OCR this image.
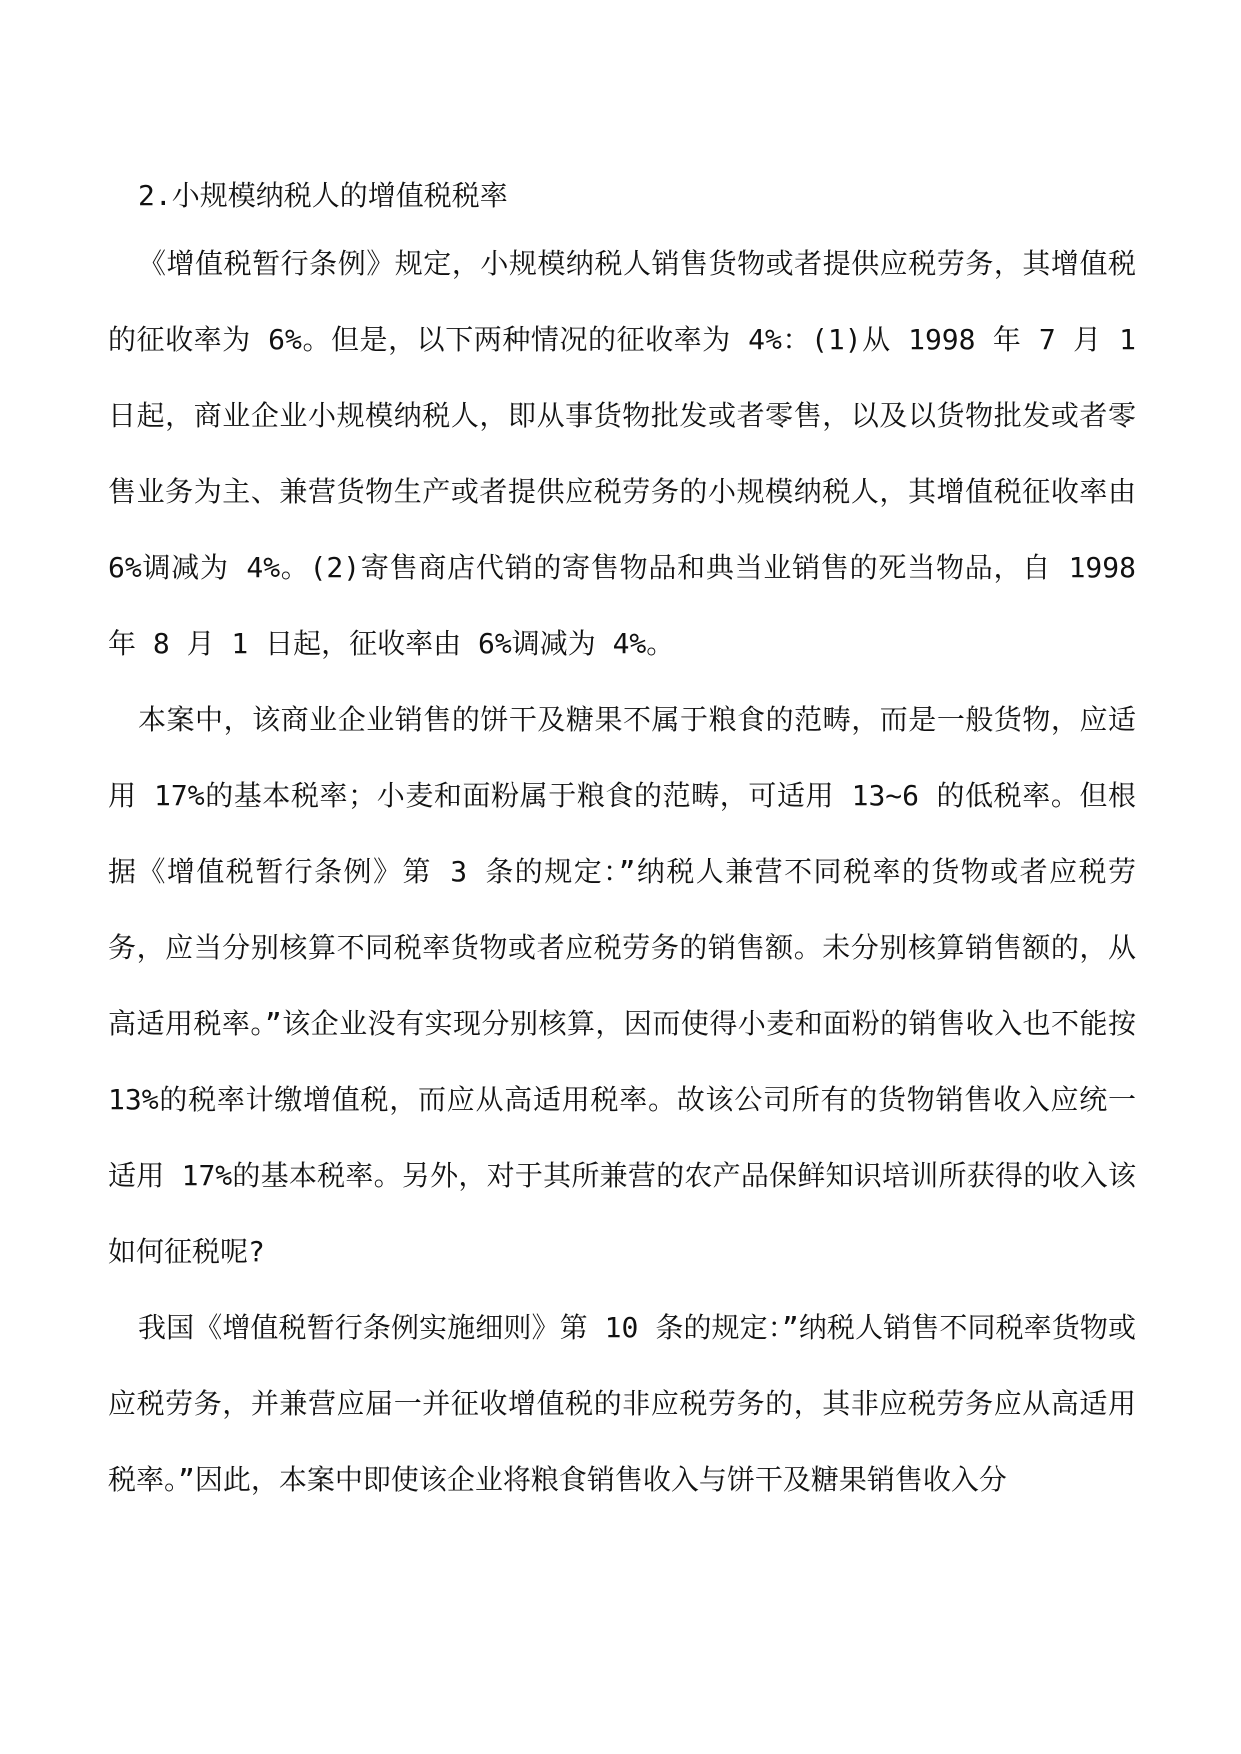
2.小规模纳税人的增值税税率

《增值税暂行条例》规定，小规模纳税人销售货物或者提供应税劳务，其增值税的征收率为 6%。但是，以下两种情况的征收率为 4%：(1)从 1998 年 7 月 1 日起，商业企业小规模纳税人，即从事货物批发或者零售，以及以货物批发或者零售业务为主、兼营货物生产或者提供应税劳务的小规模纳税人，其增值税征收率由 6%调减为 4%。(2)寄售商店代销的寄售物品和典当业销售的死当物品，自 1998 年 8 月 1 日起，征收率由 6%调减为 4%。

本案中，该商业企业销售的饼干及糖果不属于粮食的范畴，而是一般货物，应适用 17%的基本税率；小麦和面粉属于粮食的范畴，可适用 13~6 的低税率。但根据《增值税暂行条例》第 3 条的规定：”纳税人兼营不同税率的货物或者应税劳务，应当分别核算不同税率货物或者应税劳务的销售额。未分别核算销售额的，从高适用税率。”该企业没有实现分别核算，因而使得小麦和面粉的销售收入也不能按 13%的税率计缴增值税，而应从高适用税率。故该公司所有的货物销售收入应统一适用 17%的基本税率。另外，对于其所兼营的农产品保鲜知识培训所获得的收入该如何征税呢?

我国《增值税暂行条例实施细则》第 10 条的规定：”纳税人销售不同税率货物或应税劳务，并兼营应届一并征收增值税的非应税劳务的，其非应税劳务应从高适用税率。”因此，本案中即使该企业将粮食销售收入与饼干及糖果销售收入分
